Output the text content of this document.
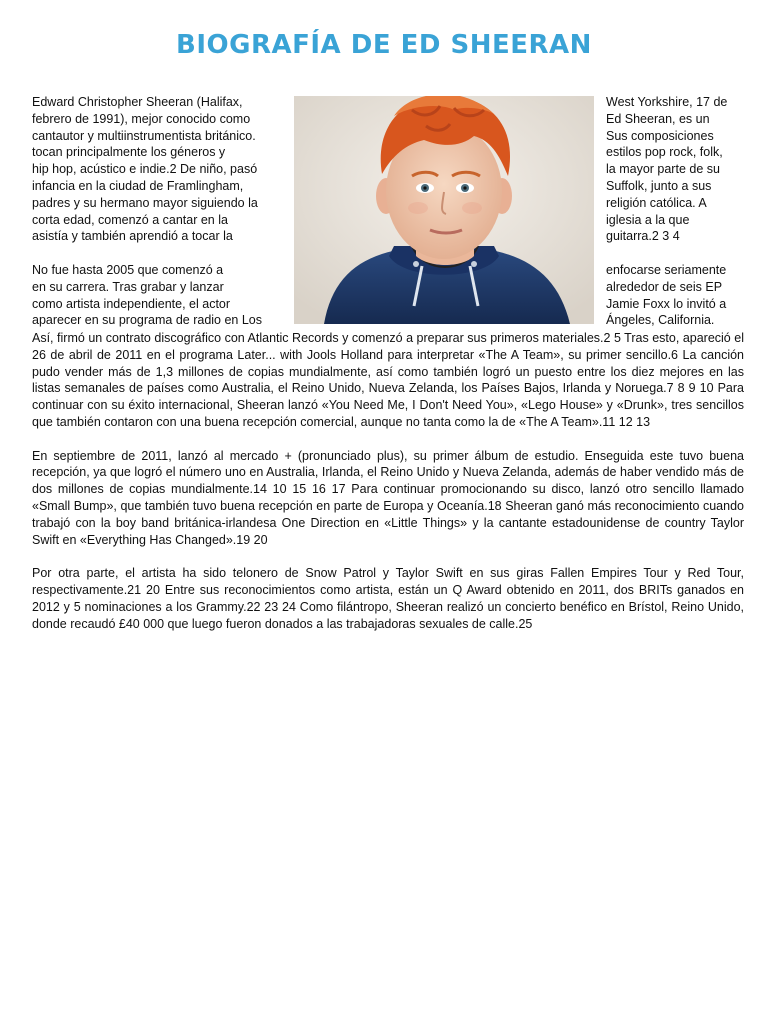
BIOGRAFÍA DE ED SHEERAN
Edward Christopher Sheeran (Halifax,
febrero de 1991), mejor conocido como
cantautor y multiinstrumentista británico.
tocan principalmente los géneros y
hip hop, acústico e indie.2 De niño, pasó
infancia en la ciudad de Framlingham,
padres y su hermano mayor siguiendo la
corta edad, comenzó a cantar en la
asistía y también aprendió a tocar la
No fue hasta 2005 que comenzó a
en su carrera. Tras grabar y lanzar
como artista independiente, el actor
aparecer en su programa de radio en Los
West Yorkshire, 17 de
Ed Sheeran, es un
Sus composiciones
estilos pop rock, folk,
la mayor parte de su
Suffolk, junto a sus
religión católica. A
iglesia a la que
guitarra.2 3 4
enfocarse seriamente
alrededor de seis EP
Jamie Foxx lo invitó a
Ángeles, California.

Así, firmó un contrato discográfico con Atlantic Records y comenzó a preparar sus primeros materiales.2 5 Tras esto, apareció el 26 de abril de 2011 en el programa Later... with Jools Holland para interpretar «The A Team», su primer sencillo.6 La canción pudo vender más de 1,3 millones de copias mundialmente, así como también logró un puesto entre los diez mejores en las listas semanales de países como Australia, el Reino Unido, Nueva Zelanda, los Países Bajos, Irlanda y Noruega.7 8 9 10 Para continuar con su éxito internacional, Sheeran lanzó «You Need Me, I Don't Need You», «Lego House» y «Drunk», tres sencillos que también contaron con una buena recepción comercial, aunque no tanta como la de «The A Team».11 12 13

En septiembre de 2011, lanzó al mercado + (pronunciado plus), su primer álbum de estudio. Enseguida este tuvo buena recepción, ya que logró el número uno en Australia, Irlanda, el Reino Unido y Nueva Zelanda, además de haber vendido más de dos millones de copias mundialmente.14 10 15 16 17 Para continuar promocionando su disco, lanzó otro sencillo llamado «Small Bump», que también tuvo buena recepción en parte de Europa y Oceanía.18 Sheeran ganó más reconocimiento cuando trabajó con la boy band británica-irlandesa One Direction en «Little Things» y la cantante estadounidense de country Taylor Swift en «Everything Has Changed».19 20

Por otra parte, el artista ha sido telonero de Snow Patrol y Taylor Swift en sus giras Fallen Empires Tour y Red Tour, respectivamente.21 20 Entre sus reconocimientos como artista, están un Q Award obtenido en 2011, dos BRITs ganados en 2012 y 5 nominaciones a los Grammy.22 23 24 Como filántropo, Sheeran realizó un concierto benéfico en Brístol, Reino Unido, donde recaudó £40 000 que luego fueron donados a las trabajadoras sexuales de calle.25
